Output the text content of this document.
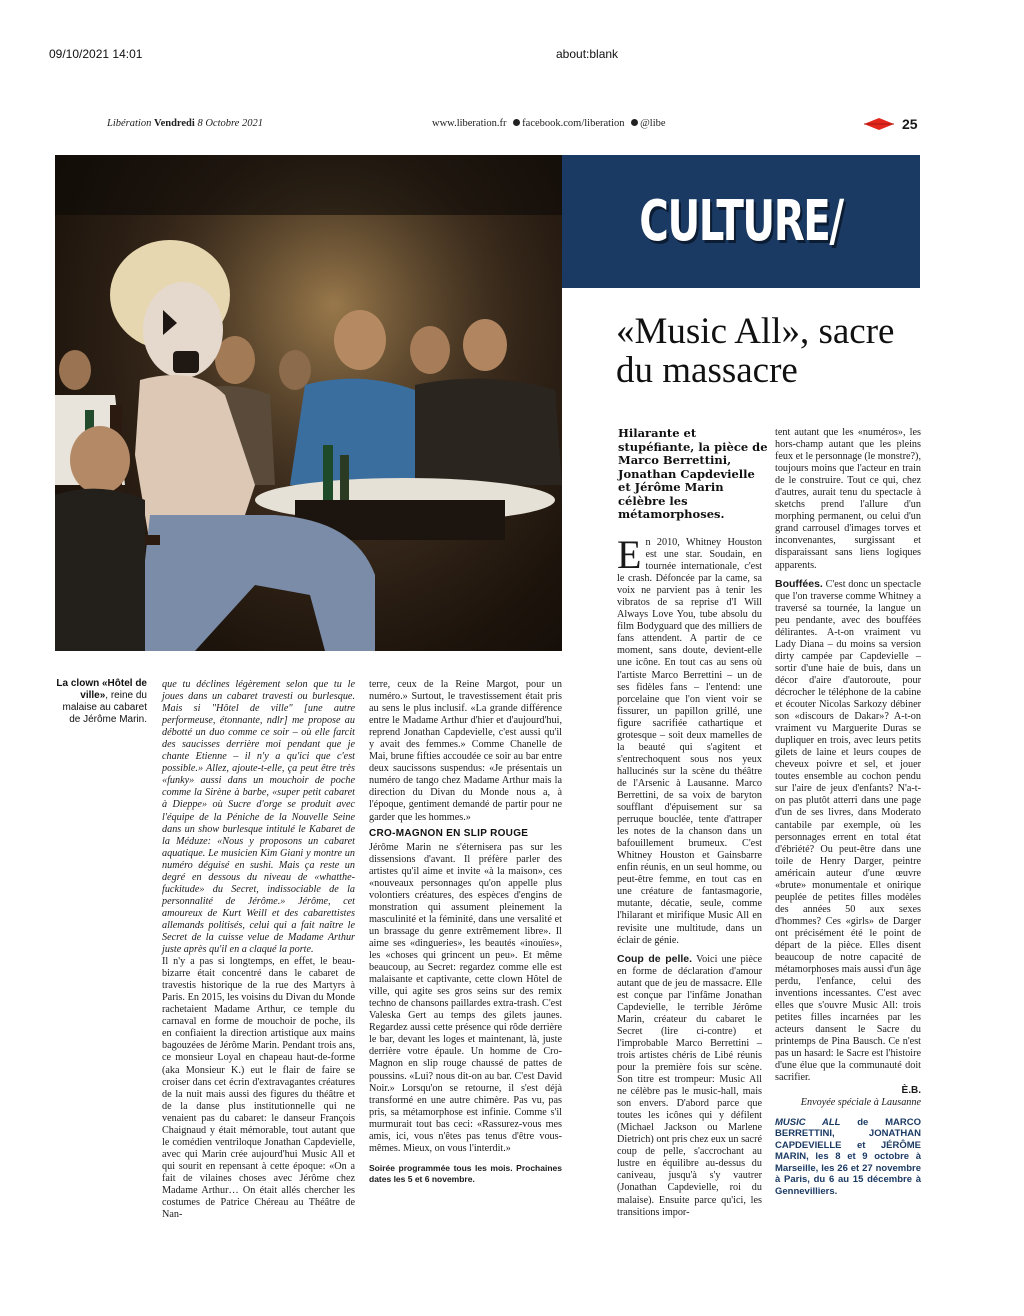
09/10/2021 14:01	about:blank
Libération Vendredi 8 Octobre 2021	www.liberation.fr facebook.com/liberation @libe	25
CULTURE/
«Music All», sacre du massacre
Hilarante et stupéfiante, la pièce de Marco Berrettini, Jonathan Capdevielle et Jérôme Marin célèbre les métamorphoses.
La clown «Hôtel de ville», reine du malaise au cabaret de Jérôme Marin.

que tu déclines légèrement selon que tu le joues dans un cabaret travesti ou burlesque. Mais si "Hôtel de ville" [une autre performeuse, étonnante, ndlr] me propose au débotté un duo comme ce soir – où elle farcit des saucisses derrière moi pendant que je chante Etienne – il n'y a qu'ici que c'est possible.» Allez, ajoute-t-elle, ça peut être très «funky» aussi dans un mouchoir de poche comme la Sirène à barbe, «super petit cabaret à Dieppe» où Sucre d'orge se produit avec l'équipe de la Péniche de la Nouvelle Seine dans un show burlesque intitulé le Kabaret de la Méduze: «Nous y proposons un cabaret aquatique. Le musicien Kim Giani y montre un numéro déguisé en sushi. Mais ça reste un degré en dessous du niveau de «whatthe-fuckitude» du Secret, indissociable de la personnalité de Jérôme.» Jérôme, cet amoureux de Kurt Weill et des cabarettistes allemands politisés, celui qui a fait naître le Secret de la cuisse velue de Madame Arthur juste après qu'il en a claqué la porte.

Il n'y a pas si longtemps, en effet, le beau-bizarre était concentré dans le cabaret de travestis historique de la rue des Martyrs à Paris. En 2015, les voisins du Divan du Monde rachetaient Madame Arthur, ce temple du carnaval en forme de mouchoir de poche, ils en confiaient la direction artistique aux mains bagouzées de Jérôme Marin. Pendant trois ans, ce monsieur Loyal en chapeau haut-de-forme (aka Monsieur K.) eut le flair de faire se croiser dans cet écrin d'extravagantes créatures de la nuit mais aussi des figures du théâtre et de la danse plus institutionnelle qui ne venaient pas du cabaret: le danseur François Chaignaud y était mémorable, tout autant que le comédien ventriloque Jonathan Capdevielle, avec qui Marin crée aujourd'hui Music All et qui sourit en repensant à cette époque: «On a fait de vilaines choses avec Jérôme chez Madame Arthur… On était allés chercher les costumes de Patrice Chéreau au Théâtre de Nan-

terre, ceux de la Reine Margot, pour un numéro.» Surtout, le travestissement était pris au sens le plus inclusif. «La grande différence entre le Madame Arthur d'hier et d'aujourd'hui, reprend Jonathan Capdevielle, c'est aussi qu'il y avait des femmes.» Comme Chanelle de Mai, brune fifties accoudée ce soir au bar entre deux saucissons suspendus: «Je présentais un numéro de tango chez Madame Arthur mais la direction du Divan du Monde nous a, à l'époque, gentiment demandé de partir pour ne garder que les hommes.»

CRO-MAGNON EN SLIP ROUGE

Jérôme Marin ne s'éternisera pas sur les dissensions d'avant. Il préfère parler des artistes qu'il aime et invite «à la maison», ces «nouveaux personnages qu'on appelle plus volontiers créatures, des espèces d'engins de monstration qui assument pleinement la masculinité et la féminité, dans une versalité et un brassage du genre extrêmement libre». Il aime ses «dingueries», les beautés «inouïes», les «choses qui grincent un peu». Et même beaucoup, au Secret: regardez comme elle est malaisante et captivante, cette clown Hôtel de ville, qui agite ses gros seins sur des remix techno de chansons paillardes extra-trash. C'est Valeska Gert au temps des gilets jaunes. Regardez aussi cette présence qui rôde derrière le bar, devant les loges et maintenant, là, juste derrière votre épaule. Un homme de Cro-Magnon en slip rouge chaussé de pattes de poussins. «Lui? nous dit-on au bar. C'est David Noir.» Lorsqu'on se retourne, il s'est déjà transformé en une autre chimère. Pas vu, pas pris, sa métamorphose est infinie. Comme s'il murmurait tout bas ceci: «Rassurez-vous mes amis, ici, vous n'êtes pas tenus d'être vous-mêmes. Mieux, on vous l'interdit.»

Soirée programmée tous les mois. Prochaines dates les 5 et 6 novembre.
E n 2010, Whitney Houston est une star. Soudain, en tournée internationale, c'est le crash. Défoncée par la came, sa voix ne parvient pas à tenir les vibratos de sa reprise d'I Will Always Love You, tube absolu du film Bodyguard que des milliers de fans attendent. A partir de ce moment, sans doute, devient-elle une icône. En tout cas au sens où l'artiste Marco Berrettini – un de ses fidèles fans – l'entend: une porcelaine que l'on vient voir se fissurer, un papillon grillé, une figure sacrifiée cathartique et grotesque – soit deux mamelles de la beauté qui s'agitent et s'entrechoquent sous nos yeux hallucinés sur la scène du théâtre de l'Arsenic à Lausanne. Marco Berrettini, de sa voix de baryton soufflant d'épuisement sur sa perruque bouclée, tente d'attraper les notes de la chanson dans un bafouillement brumeux. C'est Whitney Houston et Gainsbarre enfin réunis, en un seul homme, ou peut-être femme, en tout cas en une créature de fantasmagorie, mutante, décatie, seule, comme l'hilarant et mirifique Music All en revisite une multitude, dans un éclair de génie.

Coup de pelle. Voici une pièce en forme de déclaration d'amour autant que de jeu de massacre. Elle est conçue par l'infâme Jonathan Capdevielle, le terrible Jérôme Marin, créateur du cabaret le Secret (lire ci-contre) et l'improbable Marco Berrettini – trois artistes chéris de Libé réunis pour la première fois sur scène. Son titre est trompeur: Music All ne célèbre pas le music-hall, mais son envers. D'abord parce que toutes les icônes qui y défilent (Michael Jackson ou Marlene Dietrich) ont pris chez eux un sacré coup de pelle, s'accrochant au lustre en équilibre au-dessus du caniveau, jusqu'à s'y vautrer (Jonathan Capdevielle, roi du malaise). Ensuite parce qu'ici, les transitions impor-

tent autant que les «numéros», les hors-champ autant que les pleins feux et le personnage (le monstre?), toujours moins que l'acteur en train de le construire. Tout ce qui, chez d'autres, aurait tenu du spectacle à sketchs prend l'allure d'un morphing permanent, ou celui d'un grand carrousel d'images torves et inconvenantes, surgissant et disparaissant sans liens logiques apparents.

Bouffées. C'est donc un spectacle que l'on traverse comme Whitney a traversé sa tournée, la langue un peu pendante, avec des bouffées délirantes. A-t-on vraiment vu Lady Diana – du moins sa version dirty campée par Capdevielle – sortir d'une haie de buis, dans un décor d'aire d'autoroute, pour décrocher le téléphone de la cabine et écouter Nicolas Sarkozy débiner son «discours de Dakar»? A-t-on vraiment vu Marguerite Duras se dupliquer en trois, avec leurs petits gilets de laine et leurs coupes de cheveux poivre et sel, et jouer toutes ensemble au cochon pendu sur l'aire de jeux d'enfants? N'a-t-on pas plutôt atterri dans une page d'un de ses livres, dans Moderato cantabile par exemple, où les personnages errent en total état d'ébriété? Ou peut-être dans une toile de Henry Darger, peintre américain auteur d'une œuvre «brute» monumentale et onirique peuplée de petites filles modèles des années 50 aux sexes d'hommes? Ces «girls» de Darger ont précisément été le point de départ de la pièce. Elles disent beaucoup de notre capacité de métamorphoses mais aussi d'un âge perdu, l'enfance, celui des inventions incessantes. C'est avec elles que s'ouvre Music All: trois petites filles incarnées par les acteurs dansent le Sacre du printemps de Pina Bausch. Ce n'est pas un hasard: le Sacre est l'histoire d'une élue que la communauté doit sacrifier.

È.B.
Envoyée spéciale à Lausanne
MUSIC ALL de MARCO BERRETTINI, JONATHAN CAPDEVIELLE et JÉRÔME MARIN, les 8 et 9 octobre à Marseille, les 26 et 27 novembre à Paris, du 6 au 15 décembre à Gennevilliers.
